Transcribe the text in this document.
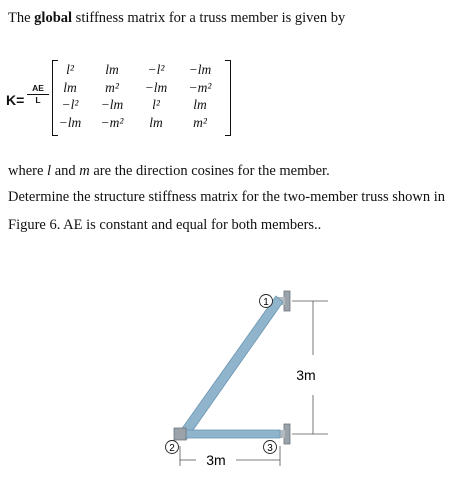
The global stiffness matrix for a truss member is given by
$K= \frac{AE}{L}$
l²	lm	−l²	−lm
lm	m²	−lm	−m²
−l²	−lm	l²	lm
−lm	−m²	lm	m²
where l and m are the direction cosines for the member.
Determine the structure stiffness matrix for the two-member truss shown in
Figure 6. AE is constant and equal for both members..
1
2	3
3m
3m
